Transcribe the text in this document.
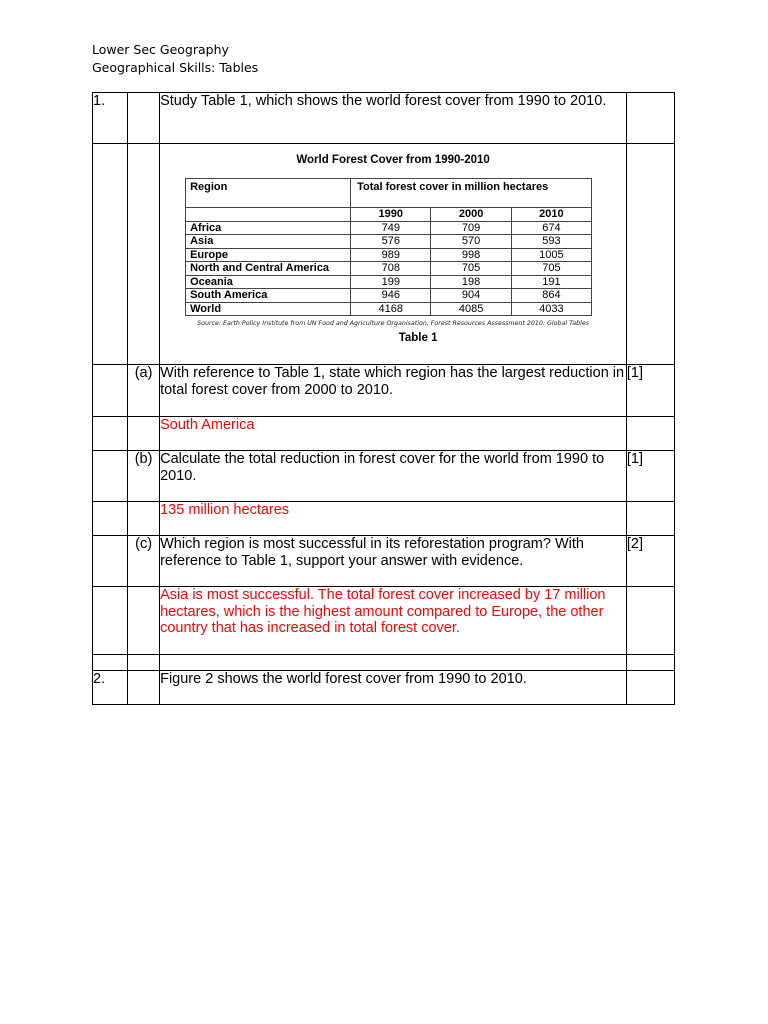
Lower Sec Geography
Geographical Skills: Tables
1.		Study Table 1, which shows the world forest cover from 1990 to 2010.	

World Forest Cover from 1990-2010
Region	Total forest cover in million hectares
	1990	2000	2010
Africa	749	709	674
Asia	576	570	593
Europe	989	998	1005
North and Central America	708	705	705
Oceania	199	198	191
South America	946	904	864
World	4168	4085	4033
Source: Earth Policy Institute from UN Food and Agriculture Organisation, Forest Resources Assessment 2010: Global Tables
Table 1

	(a)	With reference to Table 1, state which region has the largest reduction in total forest cover from 2000 to 2010.	[1]
		South America	
	(b)	Calculate the total reduction in forest cover for the world from 1990 to 2010.	[1]
		135 million hectares	
	(c)	Which region is most successful in its reforestation program? With reference to Table 1, support your answer with evidence.	[2]
		Asia is most successful. The total forest cover increased by 17 million hectares, which is the highest amount compared to Europe, the other country that has increased in total forest cover.	

2.		Figure 2 shows the world forest cover from 1990 to 2010.	
